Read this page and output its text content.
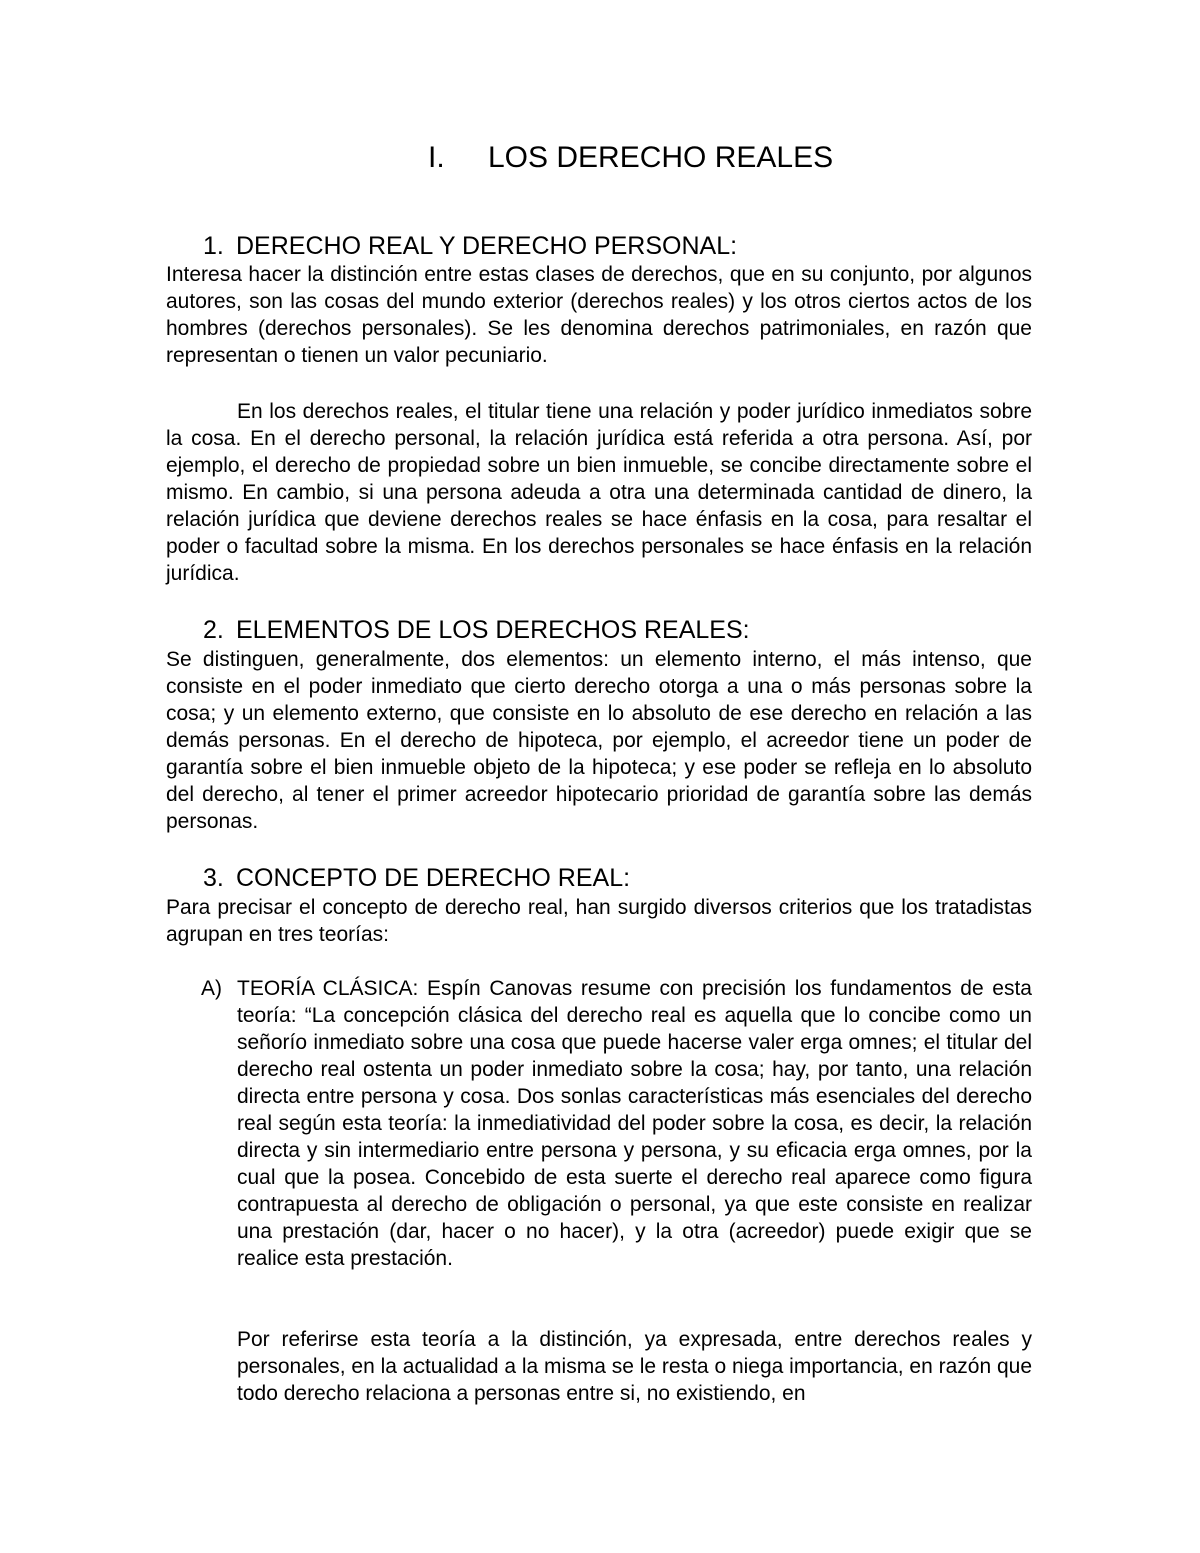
I. LOS DERECHO REALES
1. DERECHO REAL Y DERECHO PERSONAL:

Interesa hacer la distinción entre estas clases de derechos, que en su conjunto, por algunos autores, son las cosas del mundo exterior (derechos reales) y los otros ciertos actos de los hombres (derechos personales). Se les denomina derechos patrimoniales, en razón que representan o tienen un valor pecuniario.

En los derechos reales, el titular tiene una relación y poder jurídico inmediatos sobre la cosa. En el derecho personal, la relación jurídica está referida a otra persona. Así, por ejemplo, el derecho de propiedad sobre un bien inmueble, se concibe directamente sobre el mismo. En cambio, si una persona adeuda a otra una determinada cantidad de dinero, la relación jurídica que deviene derechos reales se hace énfasis en la cosa, para resaltar el poder o facultad sobre la misma. En los derechos personales se hace énfasis en la relación jurídica.

2. ELEMENTOS DE LOS DERECHOS REALES:

Se distinguen, generalmente, dos elementos: un elemento interno, el más intenso, que consiste en el poder inmediato que cierto derecho otorga a una o más personas sobre la cosa; y un elemento externo, que consiste en lo absoluto de ese derecho en relación a las demás personas. En el derecho de hipoteca, por ejemplo, el acreedor tiene un poder de garantía sobre el bien inmueble objeto de la hipoteca; y ese poder se refleja en lo absoluto del derecho, al tener el primer acreedor hipotecario prioridad de garantía sobre las demás personas.

3. CONCEPTO DE DERECHO REAL:

Para precisar el concepto de derecho real, han surgido diversos criterios que los tratadistas agrupan en tres teorías:

A) TEORÍA CLÁSICA: Espín Canovas resume con precisión los fundamentos de esta teoría: “La concepción clásica del derecho real es aquella que lo concibe como un señorío inmediato sobre una cosa que puede hacerse valer erga omnes; el titular del derecho real ostenta un poder inmediato sobre la cosa; hay, por tanto, una relación directa entre persona y cosa. Dos sonlas características más esenciales del derecho real según esta teoría: la inmediatividad del poder sobre la cosa, es decir, la relación directa y sin intermediario entre persona y persona, y su eficacia erga omnes, por la cual que la posea. Concebido de esta suerte el derecho real aparece como figura contrapuesta al derecho de obligación o personal, ya que este consiste en realizar una prestación (dar, hacer o no hacer), y la otra (acreedor) puede exigir que se realice esta prestación.

Por referirse esta teoría a la distinción, ya expresada, entre derechos reales y personales, en la actualidad a la misma se le resta o niega importancia, en razón que todo derecho relaciona a personas entre si, no existiendo, en
